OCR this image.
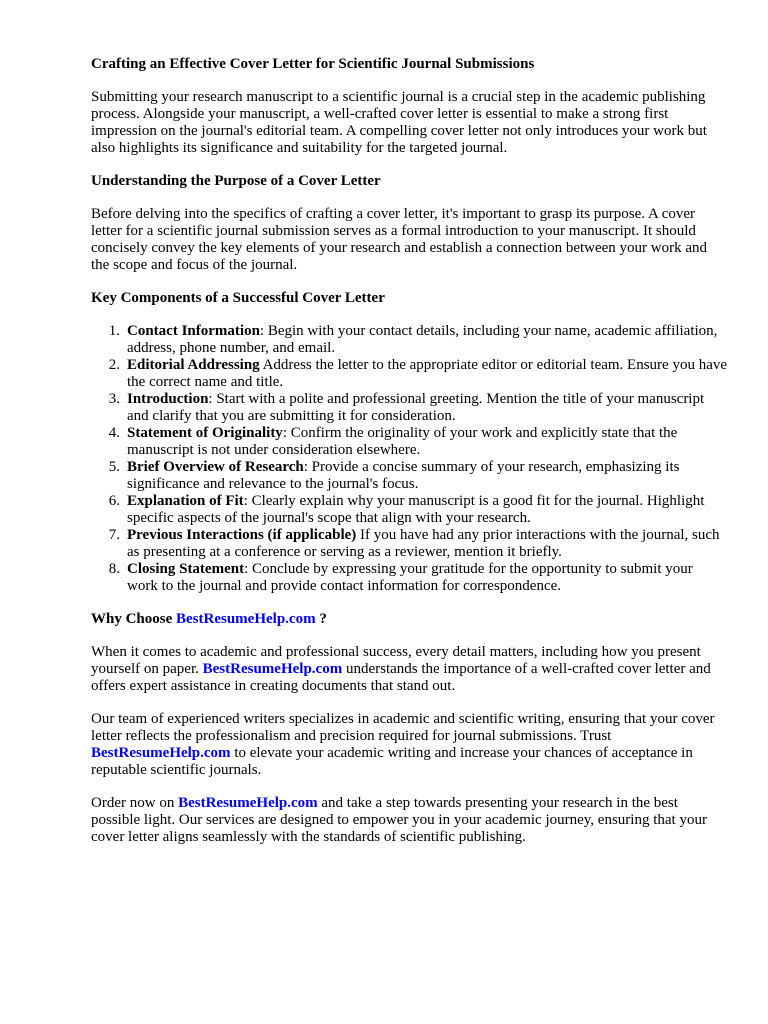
Crafting an Effective Cover Letter for Scientific Journal Submissions

Submitting your research manuscript to a scientific journal is a crucial step in the academic publishing process. Alongside your manuscript, a well-crafted cover letter is essential to make a strong first impression on the journal's editorial team. A compelling cover letter not only introduces your work but also highlights its significance and suitability for the targeted journal.

Understanding the Purpose of a Cover Letter

Before delving into the specifics of crafting a cover letter, it's important to grasp its purpose. A cover letter for a scientific journal submission serves as a formal introduction to your manuscript. It should concisely convey the key elements of your research and establish a connection between your work and the scope and focus of the journal.

Key Components of a Successful Cover Letter
1. Contact Information: Begin with your contact details, including your name, academic affiliation, address, phone number, and email.
2. Editorial Addressing Address the letter to the appropriate editor or editorial team. Ensure you have the correct name and title.
3. Introduction: Start with a polite and professional greeting. Mention the title of your manuscript and clarify that you are submitting it for consideration.
4. Statement of Originality: Confirm the originality of your work and explicitly state that the manuscript is not under consideration elsewhere.
5. Brief Overview of Research: Provide a concise summary of your research, emphasizing its significance and relevance to the journal's focus.
6. Explanation of Fit: Clearly explain why your manuscript is a good fit for the journal. Highlight specific aspects of the journal's scope that align with your research.
7. Previous Interactions (if applicable) If you have had any prior interactions with the journal, such as presenting at a conference or serving as a reviewer, mention it briefly.
8. Closing Statement: Conclude by expressing your gratitude for the opportunity to submit your work to the journal and provide contact information for correspondence.
Why Choose BestResumeHelp.com ?

When it comes to academic and professional success, every detail matters, including how you present yourself on paper. BestResumeHelp.com understands the importance of a well-crafted cover letter and offers expert assistance in creating documents that stand out.

Our team of experienced writers specializes in academic and scientific writing, ensuring that your cover letter reflects the professionalism and precision required for journal submissions. Trust BestResumeHelp.com to elevate your academic writing and increase your chances of acceptance in reputable scientific journals.

Order now on BestResumeHelp.com and take a step towards presenting your research in the best possible light. Our services are designed to empower you in your academic journey, ensuring that your cover letter aligns seamlessly with the standards of scientific publishing.
